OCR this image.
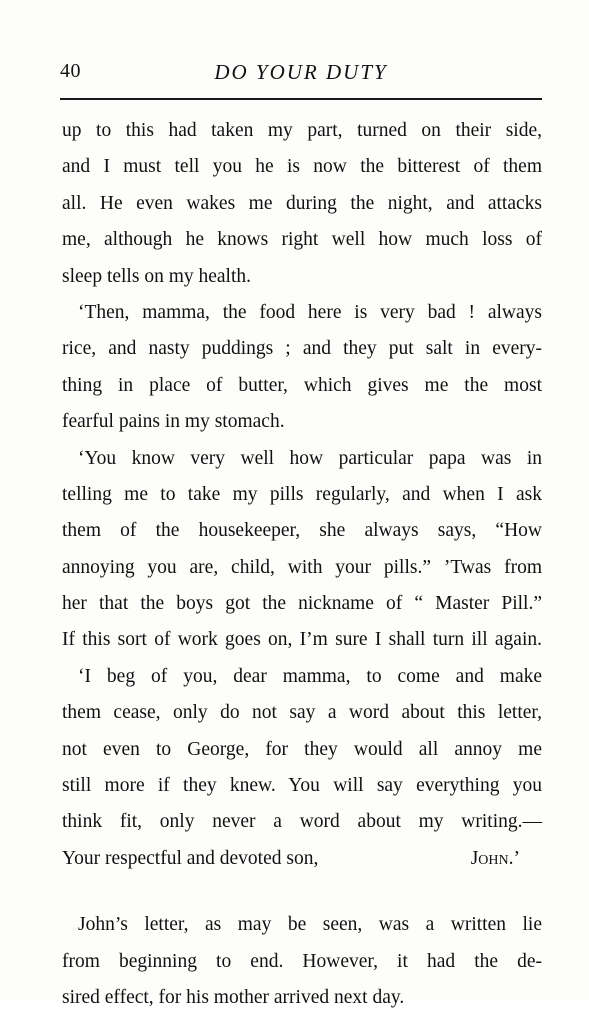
40	DO YOUR DUTY
up to this had taken my part, turned on their side,
and I must tell you he is now the bitterest of them
all. He even wakes me during the night, and attacks
me, although he knows right well how much loss of
sleep tells on my health.
‘Then, mamma, the food here is very bad ! always
rice, and nasty puddings ; and they put salt in every-
thing in place of butter, which gives me the most
fearful pains in my stomach.
‘You know very well how particular papa was in
telling me to take my pills regularly, and when I ask
them of the housekeeper, she always says, “How
annoying you are, child, with your pills.” ’Twas from
her that the boys got the nickname of “ Master Pill.”
If this sort of work goes on, I’m sure I shall turn ill again.
‘I beg of you, dear mamma, to come and make
them cease, only do not say a word about this letter,
not even to George, for they would all annoy me
still more if they knew. You will say everything you
think fit, only never a word about my writing.—
Your respectful and devoted son,	John.’
John’s letter, as may be seen, was a written lie
from beginning to end. However, it had the de-
sired effect, for his mother arrived next day.
